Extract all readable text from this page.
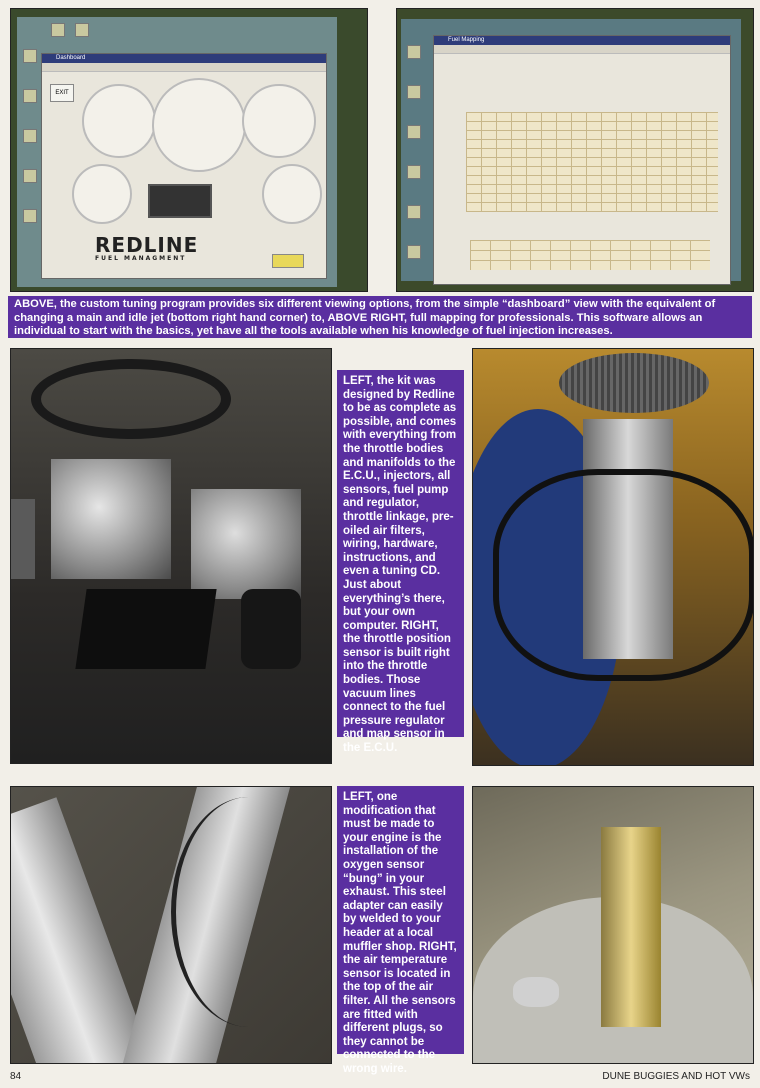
Dashboard
EXIT
REDLINE
FUEL MANAGMENT
Fuel Mapping
ABOVE, the custom tuning program provides six different viewing options, from the simple “dashboard” view with the equivalent of changing a main and idle jet (bottom right hand corner) to, ABOVE RIGHT, full mapping for professionals. This software allows an individual to start with the basics, yet have all the tools available when his knowledge of fuel injection increases.
LEFT, the kit was designed by Redline to be as complete as possible, and comes with everything from the throttle bodies and manifolds to the E.C.U., injectors, all sensors, fuel pump and regulator, throttle linkage, pre-oiled air filters, wiring, hardware, instructions, and even a tuning CD. Just about everything’s there, but your own computer. RIGHT, the throttle position sensor is built right into the throttle bodies. Those vacuum lines connect to the fuel pressure regulator and map sensor in the E.C.U.
LEFT, one modification that must be made to your engine is the installation of the oxygen sensor “bung” in your exhaust. This steel adapter can easily by welded to your header at a local muffler shop. RIGHT, the air temperature sensor is located in the top of the air filter. All the sensors are fitted with different plugs, so they cannot be connected to the wrong wire.
84	DUNE BUGGIES AND HOT VWs
